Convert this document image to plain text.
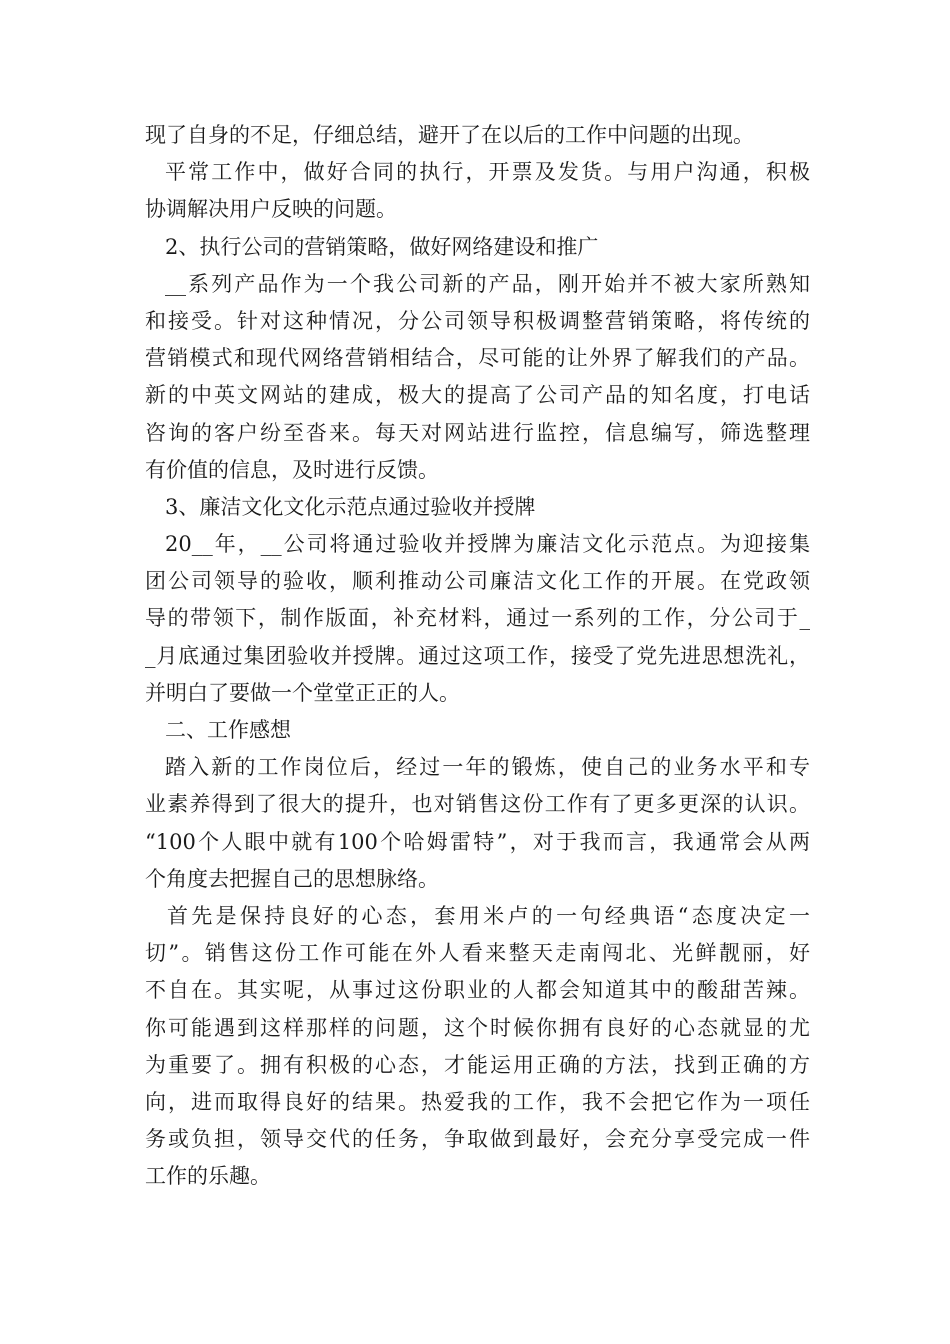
现了自身的不足，仔细总结，避开了在以后的工作中问题的出现。
平常工作中，做好合同的执行，开票及发货。与用户沟通，积极
协调解决用户反映的问题。
2、执行公司的营销策略，做好网络建设和推广
__系列产品作为一个我公司新的产品，刚开始并不被大家所熟知
和接受。针对这种情况，分公司领导积极调整营销策略，将传统的
营销模式和现代网络营销相结合，尽可能的让外界了解我们的产品。
新的中英文网站的建成，极大的提高了公司产品的知名度，打电话
咨询的客户纷至沓来。每天对网站进行监控，信息编写，筛选整理
有价值的信息，及时进行反馈。
3、廉洁文化文化示范点通过验收并授牌
20__年，__公司将通过验收并授牌为廉洁文化示范点。为迎接集
团公司领导的验收，顺利推动公司廉洁文化工作的开展。在党政领
导的带领下，制作版面，补充材料，通过一系列的工作，分公司于_
_月底通过集团验收并授牌。通过这项工作，接受了党先进思想洗礼，
并明白了要做一个堂堂正正的人。
二、工作感想
踏入新的工作岗位后，经过一年的锻炼，使自己的业务水平和专
业素养得到了很大的提升，也对销售这份工作有了更多更深的认识。
“100个人眼中就有100个哈姆雷特”，对于我而言，我通常会从两
个角度去把握自己的思想脉络。
首先是保持良好的心态，套用米卢的一句经典语“态度决定一
切”。销售这份工作可能在外人看来整天走南闯北、光鲜靓丽，好
不自在。其实呢，从事过这份职业的人都会知道其中的酸甜苦辣。
你可能遇到这样那样的问题，这个时候你拥有良好的心态就显的尤
为重要了。拥有积极的心态，才能运用正确的方法，找到正确的方
向，进而取得良好的结果。热爱我的工作，我不会把它作为一项任
务或负担，领导交代的任务，争取做到最好，会充分享受完成一件
工作的乐趣。
